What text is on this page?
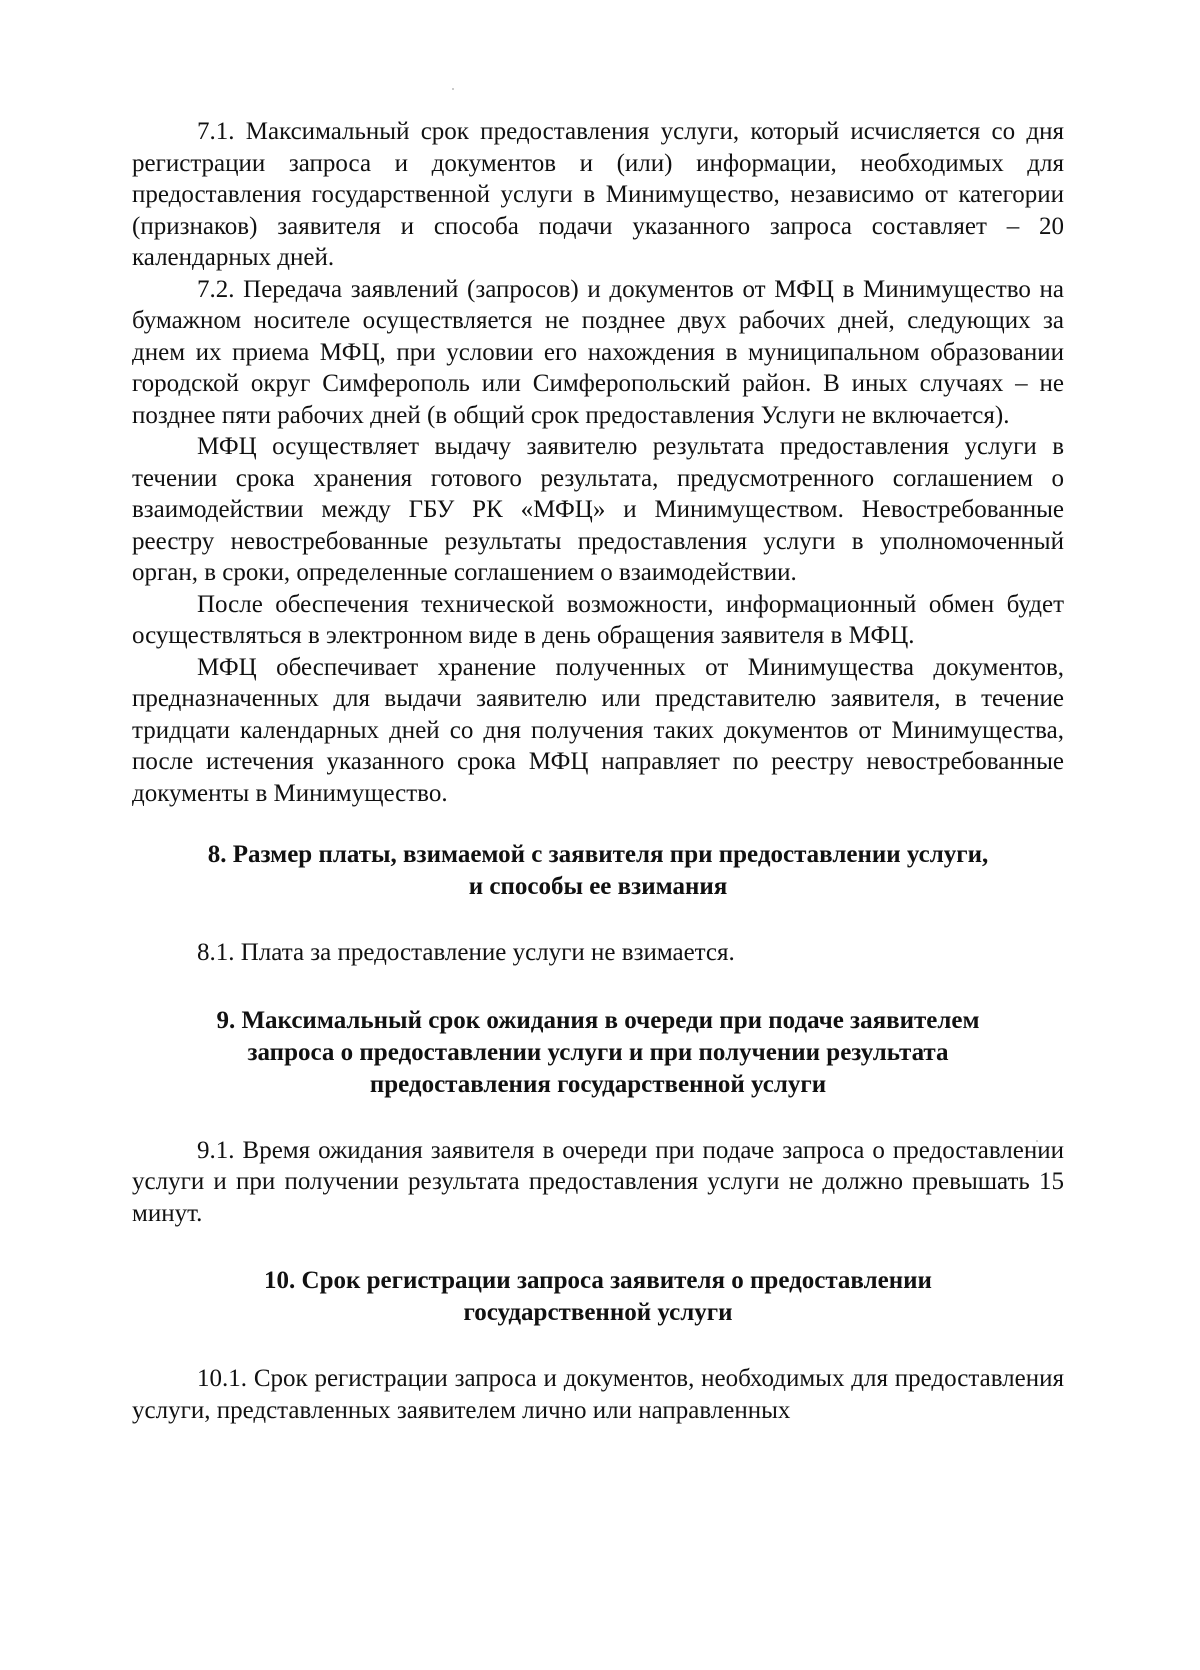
7.1. Максимальный срок предоставления услуги, который исчисляется со дня регистрации запроса и документов и (или) информации, необходимых для предоставления государственной услуги в Минимущество, независимо от категории (признаков) заявителя и способа подачи указанного запроса составляет – 20 календарных дней.

7.2. Передача заявлений (запросов) и документов от МФЦ в Минимущество на бумажном носителе осуществляется не позднее двух рабочих дней, следующих за днем их приема МФЦ, при условии его нахождения в муниципальном образовании городской округ Симферополь или Симферопольский район. В иных случаях – не позднее пяти рабочих дней (в общий срок предоставления Услуги не включается).

МФЦ осуществляет выдачу заявителю результата предоставления услуги в течении срока хранения готового результата, предусмотренного соглашением о взаимодействии между ГБУ РК «МФЦ» и Минимуществом. Невостребованные реестру невостребованные результаты предоставления услуги в уполномоченный орган, в сроки, определенные соглашением о взаимодействии.

После обеспечения технической возможности, информационный обмен будет осуществляться в электронном виде в день обращения заявителя в МФЦ.

МФЦ обеспечивает хранение полученных от Минимущества документов, предназначенных для выдачи заявителю или представителю заявителя, в течение тридцати календарных дней со дня получения таких документов от Минимущества, после истечения указанного срока МФЦ направляет по реестру невостребованные документы в Минимущество.

8. Размер платы, взимаемой с заявителя при предоставлении услуги,

и способы ее взимания

8.1. Плата за предоставление услуги не взимается.

9. Максимальный срок ожидания в очереди при подаче заявителем

запроса о предоставлении услуги и при получении результата

предоставления государственной услуги

9.1. Время ожидания заявителя в очереди при подаче запроса о предоставлении услуги и при получении результата предоставления услуги не должно превышать 15 минут.

10. Срок регистрации запроса заявителя о предоставлении

государственной услуги

10.1. Срок регистрации запроса и документов, необходимых для предоставления услуги, представленных заявителем лично или направленных
